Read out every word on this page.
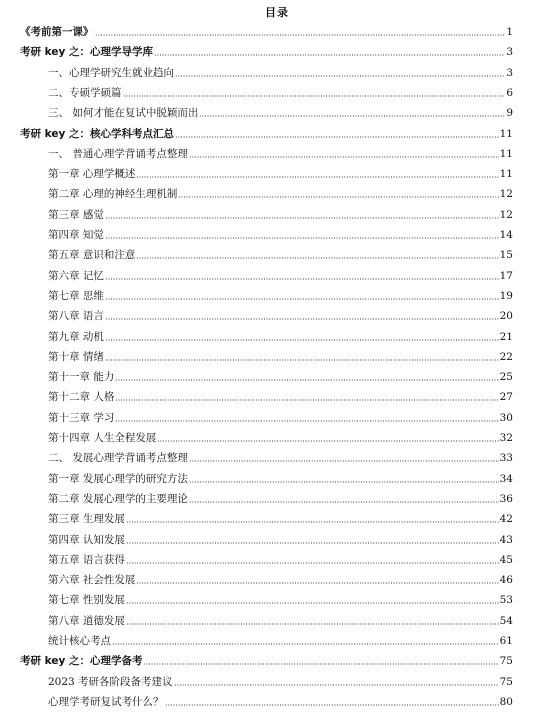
目录
《考前第一课》	1
考研 key 之：心理学导学库	3
一、心理学研究生就业趋向	3
二、专硕学硕篇	6
三、 如何才能在复试中脱颖而出	9
考研 key 之：核心学科考点汇总	11
一、 普通心理学背诵考点整理	11
第一章 心理学概述	11
第二章 心理的神经生理机制	12
第三章 感觉	12
第四章 知觉	14
第五章 意识和注意	15
第六章 记忆	17
第七章 思维	19
第八章 语言	20
第九章 动机	21
第十章 情绪	22
第十一章 能力	25
第十二章 人格	27
第十三章 学习	30
第十四章 人生全程发展	32
二、 发展心理学背诵考点整理	33
第一章 发展心理学的研究方法	34
第二章 发展心理学的主要理论	36
第三章 生理发展	42
第四章 认知发展	43
第五章 语言获得	45
第六章 社会性发展	46
第七章 性别发展	53
第八章 道德发展	54
统计核心考点	61
考研 key 之：心理学备考	75
2023 考研各阶段备考建议	75
心理学考研复试考什么？	80
